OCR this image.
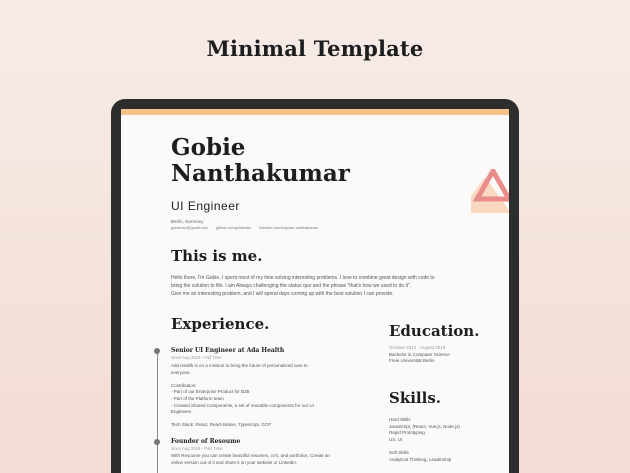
Minimal Template
Gobie
Nanthakumar
UI Engineer
Berlin, Germany
gobienan@gmail.com github.com/gobienan linkedin.com/in/gobie-nanthakumar
This is me.
Hello there, I'm Gobie. I spent most of my time solving interesting problems. I love to combine great design with code to
bring the solution to life. I am Always challenging the status quo and the phrase "that's how we used to do it".
Give me an interesting problem, and I will spend days coming up with the best solution I can provide.
Experience.
Senior UI Engineer at Ada Health
since Aug 2019 - Full Time
Ada Health is on a mission to bring the future of personalized care to
everyone.

Contribution:
- Part of our Enterprise Product for B2B
- Part of the Platform team
- Created Shared Components, a set of reusable components for our UI
Engineers

Tech Stack: React, React-Native, Typescript, GCP
Founder of Resoume
since Aug 2019 - Part Time
With Resoume you can create beautiful resumes, cv's, and portfolios. Create an
online version out of it and share it on your website or LinkedIn.
Education.
October 2012 - August 2019
Bachelor in Computer Science
Freie Universität Berlin
Skills.
Hard Skills
JavaScript, (React, Vue.js, Node.js)
Rapid Prototyping
UX, UI
Soft Skills
Analytical Thinking, Leadership
